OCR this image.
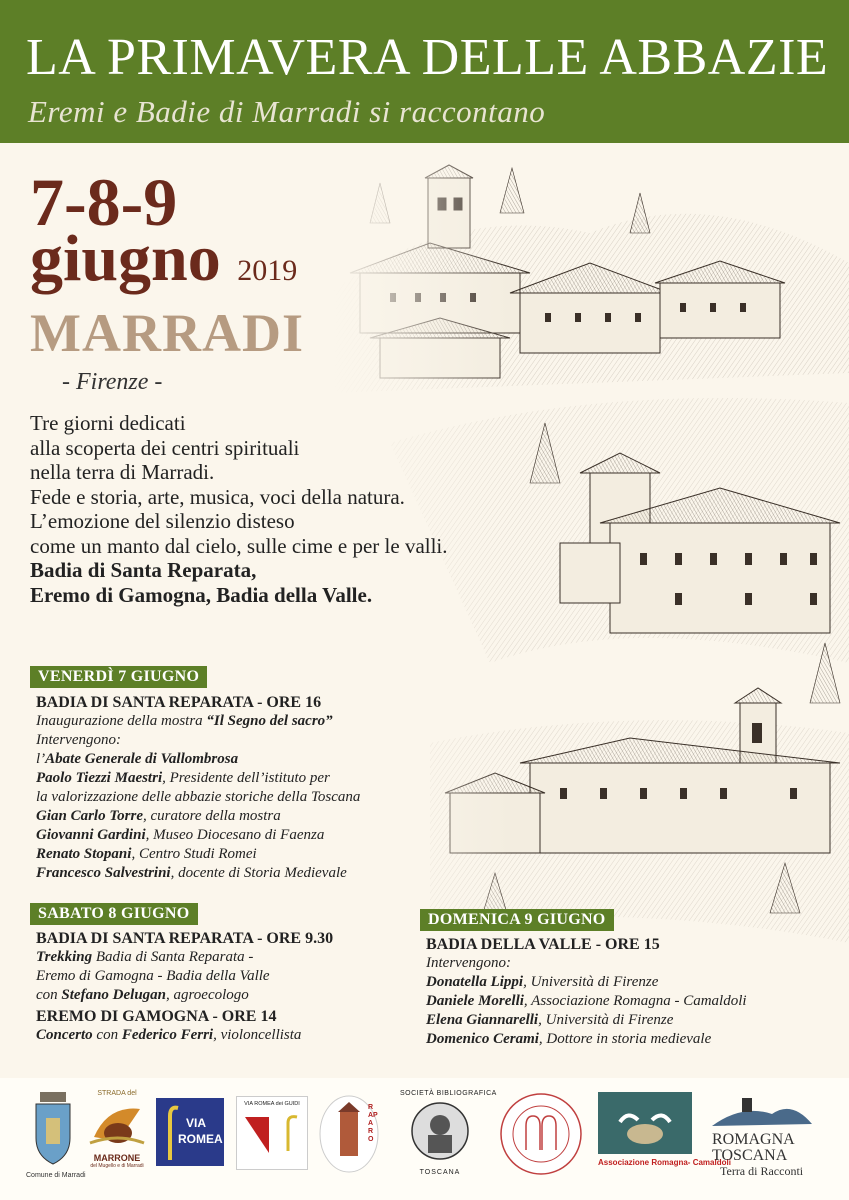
LA PRIMAVERA DELLE ABBAZIE
Eremi e Badie di Marradi si raccontano
7-8-9
giugno 2019
MARRADI
- Firenze -

Tre giorni dedicati

alla scoperta dei centri spirituali

nella terra di Marradi.

Fede e storia, arte, musica, voci della natura.

L’emozione del silenzio disteso

come un manto dal cielo, sulle cime e per le valli.

Badia di Santa Reparata,

Eremo di Gamogna, Badia della Valle.

VENERDÌ 7 GIUGNO
BADIA DI SANTA REPARATA - ORE 16
Inaugurazione della mostra “Il Segno del sacro”
Intervengono:
l’Abate Generale di Vallombrosa
Paolo Tiezzi Maestri, Presidente dell’istituto per
la valorizzazione delle abbazie storiche della Toscana
Gian Carlo Torre, curatore della mostra
Giovanni Gardini, Museo Diocesano di Faenza
Renato Stopani, Centro Studi Romei
Francesco Salvestrini, docente di Storia Medievale
SABATO 8 GIUGNO
BADIA DI SANTA REPARATA - ORE 9.30
Trekking Badia di Santa Reparata -
Eremo di Gamogna - Badia della Valle
con Stefano Delugan, agroecologo
EREMO DI GAMOGNA - ORE 14
Concerto con Federico Ferri, violoncellista
DOMENICA 9 GIUGNO
BADIA DELLA VALLE - ORE 15
Intervengono:
Donatella Lippi, Università di Firenze
Daniele Morelli, Associazione Romagna - Camaldoli
Elena Giannarelli, Università di Firenze
Domenico Cerami, Dottore in storia medievale
Comune di Marradi
STRADA del
MARRONE
del Mugello e di Marradi
VIA
ROMEA
VIA ROMEA dei GUIDI	RAPARO
SOCIETÀ BIBLIOGRAFICA
TOSCANA
Associazione Romagna- Camaldoli
ROMAGNA
TOSCANA
Terra di Racconti
